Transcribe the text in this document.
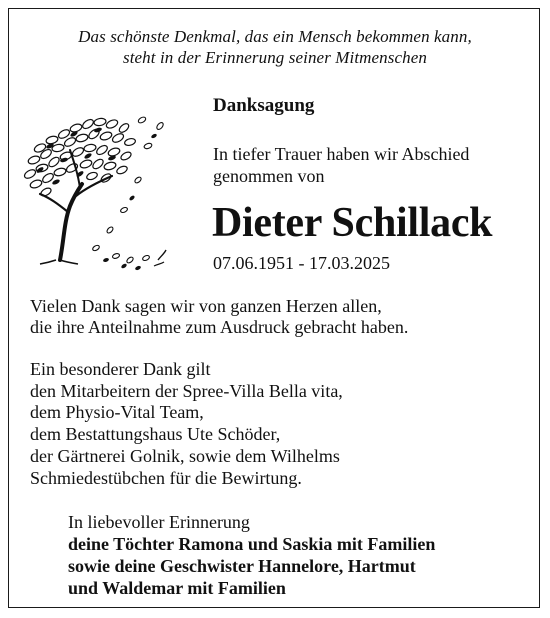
Das schönste Denkmal, das ein Mensch bekommen kann,
steht in der Erinnerung seiner Mitmenschen
Danksagung
In tiefer Trauer haben wir Abschied
genommen von
Dieter Schillack
07.06.1951 - 17.03.2025
Vielen Dank sagen wir von ganzen Herzen allen,
die ihre Anteilnahme zum Ausdruck gebracht haben.
Ein besonderer Dank gilt
den Mitarbeitern der Spree-Villa Bella vita,
dem Physio-Vital Team,
dem Bestattungshaus Ute Schöder,
der Gärtnerei Golnik, sowie dem Wilhelms
Schmiedestübchen für die Bewirtung.
In liebevoller Erinnerung
deine Töchter Ramona und Saskia mit Familien
sowie deine Geschwister Hannelore, Hartmut
und Waldemar mit Familien
